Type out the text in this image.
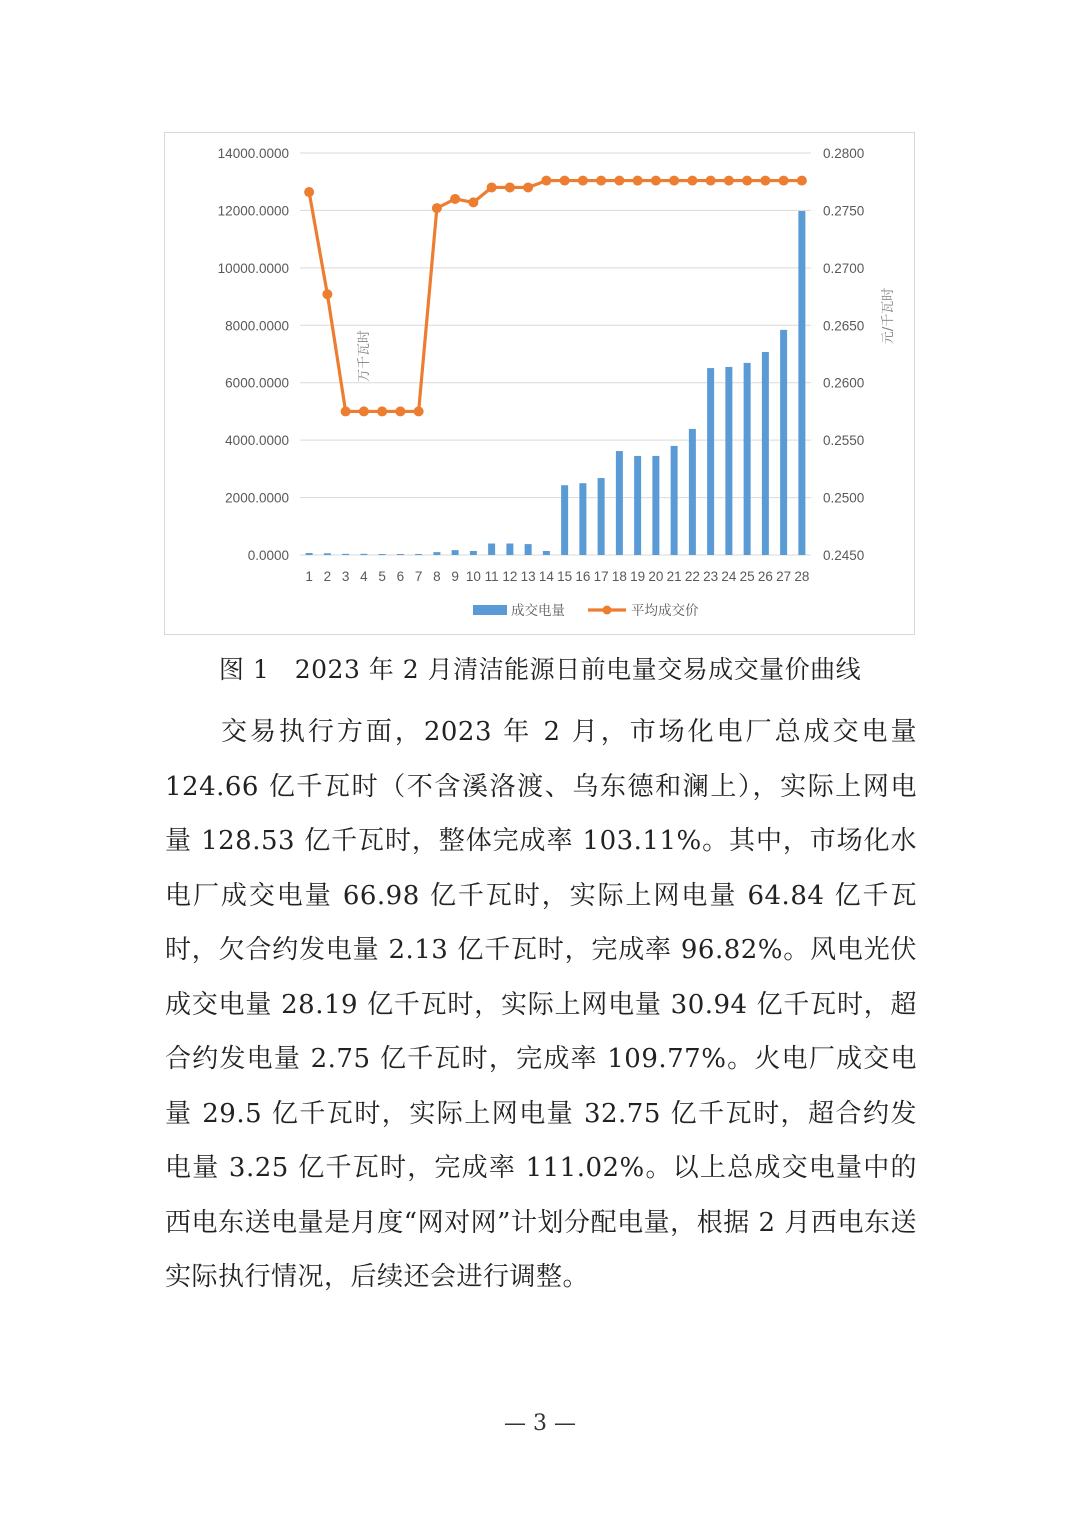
0.0000
2000.0000
4000.0000
6000.0000
8000.0000
10000.0000
12000.0000
14000.0000
0.2450
0.2500
0.2550
0.2600
0.2650
0.2700
0.2750
0.2800
万千瓦时
元/千瓦时
1 2 3 4 5 6 7 8 9 10 11 12 13 14 15 16 17 18 19 20 21 22 23 24 25 26 27 28
成交电量	平均成交价
图 1　2023 年 2 月清洁能源日前电量交易成交量价曲线
交易执行方面，2023 年 2 月，市场化电厂总成交电量 124.66 亿千瓦时（不含溪洛渡、乌东德和澜上），实际上网电量 128.53 亿千瓦时，整体完成率 103.11%。其中，市场化水电厂成交电量 66.98 亿千瓦时，实际上网电量 64.84 亿千瓦时，欠合约发电量 2.13 亿千瓦时，完成率 96.82%。风电光伏成交电量 28.19 亿千瓦时，实际上网电量 30.94 亿千瓦时，超合约发电量 2.75 亿千瓦时，完成率 109.77%。火电厂成交电量 29.5 亿千瓦时，实际上网电量 32.75 亿千瓦时，超合约发电量 3.25 亿千瓦时，完成率 111.02%。以上总成交电量中的西电东送电量是月度“网对网”计划分配电量，根据 2 月西电东送实际执行情况，后续还会进行调整。
— 3 —
